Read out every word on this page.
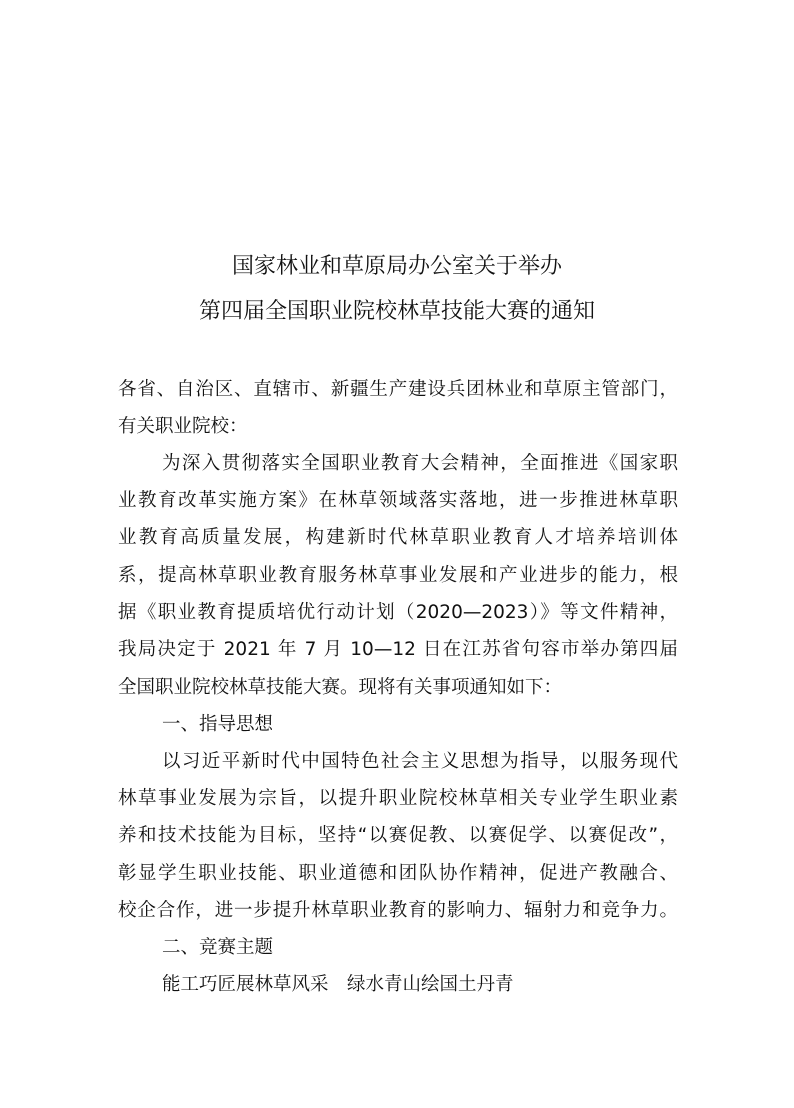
国家林业和草原局办公室关于举办
第四届全国职业院校林草技能大赛的通知
各省、自治区、直辖市、新疆生产建设兵团林业和草原主管部门，
有关职业院校：
为深入贯彻落实全国职业教育大会精神，全面推进《国家职
业教育改革实施方案》在林草领域落实落地，进一步推进林草职
业教育高质量发展，构建新时代林草职业教育人才培养培训体
系，提高林草职业教育服务林草事业发展和产业进步的能力，根
据《职业教育提质培优行动计划（2020—2023）》等文件精神，
我局决定于 2021 年 7 月 10—12 日在江苏省句容市举办第四届
全国职业院校林草技能大赛。现将有关事项通知如下：
一、指导思想
以习近平新时代中国特色社会主义思想为指导，以服务现代
林草事业发展为宗旨，以提升职业院校林草相关专业学生职业素
养和技术技能为目标，坚持“以赛促教、以赛促学、以赛促改”，
彰显学生职业技能、职业道德和团队协作精神，促进产教融合、
校企合作，进一步提升林草职业教育的影响力、辐射力和竞争力。
二、竞赛主题
能工巧匠展林草风采　绿水青山绘国土丹青
